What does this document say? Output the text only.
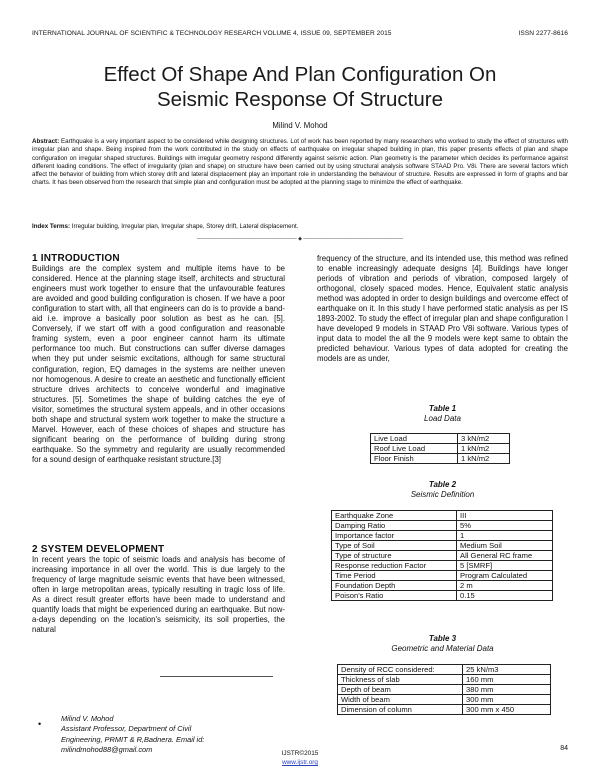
INTERNATIONAL JOURNAL OF SCIENTIFIC & TECHNOLOGY RESEARCH VOLUME 4, ISSUE 09, SEPTEMBER 2015	ISSN 2277-8616
Effect Of Shape And Plan Configuration On
Seismic Response Of Structure
Milind V. Mohod
Abstract: Earthquake is a very important aspect to be considered while designing structures. Lot of work has been reported by many researchers who worked to study the effect of structures with irregular plan and shape. Being inspired from the work contributed in the study on effects of earthquake on irregular shaped building in plan, this paper presents effects of plan and shape configuration on irregular shaped structures. Buildings with irregular geometry respond differently against seismic action. Plan geometry is the parameter which decides its performance against different loading conditions. The effect of irregularity (plan and shape) on structure have been carried out by using structural analysis software STAAD Pro. V8i. There are several factors which affect the behavior of building from which storey drift and lateral displacement play an important role in understanding the behaviour of structure. Results are expressed in form of graphs and bar charts. It has been observed from the research that simple plan and configuration must be adopted at the planning stage to minimize the effect of earthquake.
Index Terms: Irregular building, Irregular plan, Irregular shape, Storey drift, Lateral displacement.
———————————————————— ◆ ————————————————————
1 INTRODUCTION

Buildings are the complex system and multiple items have to be considered. Hence at the planning stage itself, architects and structural engineers must work together to ensure that the unfavourable features are avoided and good building configuration is chosen. If we have a poor configuration to start with, all that engineers can do is to provide a band-aid i.e. improve a basically poor solution as best as he can. [5]. Conversely, if we start off with a good configuration and reasonable framing system, even a poor engineer cannot harm its ultimate performance too much. But constructions can suffer diverse damages when they put under seismic excitations, although for same structural configuration, region, EQ damages in the systems are neither uneven nor homogenous. A desire to create an aesthetic and functionally efficient structure drives architects to conceive wonderful and imaginative structures. [5]. Sometimes the shape of building catches the eye of visitor, sometimes the structural system appeals, and in other occasions both shape and structural system work together to make the structure a Marvel. However, each of these choices of shapes and structure has significant bearing on the performance of building during strong earthquake. So the symmetry and regularity are usually recommended for a sound design of earthquake resistant structure.[3]

2 SYSTEM DEVELOPMENT

In recent years the topic of seismic loads and analysis has become of increasing importance in all over the world. This is due largely to the frequency of large magnitude seismic events that have been witnessed, often in large metropolitan areas, typically resulting in tragic loss of life. As a direct result greater efforts have been made to understand and quantify loads that might be experienced during an earthquake. But now-a-days depending on the location's seismicity, its soil properties, the natural

•
Milind V. Mohod
Assistant Professor, Department of Civil
Engineering, PRMIT & R,Badnera. Email id:
milindmohod88@gmail.com

frequency of the structure, and its intended use, this method was refined to enable increasingly adequate designs [4]. Buildings have longer periods of vibration and periods of vibration, composed largely of orthogonal, closely spaced modes. Hence, Equivalent static analysis method was adopted in order to design buildings and overcome effect of earthquake on it. In this study I have performed static analysis as per IS 1893-2002. To study the effect of irregular plan and shape configuration I have developed 9 models in STAAD Pro V8i software. Various types of input data to model the all the 9 models were kept same to obtain the predicted behaviour. Various types of data adopted for creating the models are as under,

Table 1
Load Data
Live Load	3 kN/m2
Roof Live Load	1 kN/m2
Floor Finish	1 kN/m2
Table 2
Seismic Definition
Earthquake Zone	III
Damping Ratio	5%
Importance factor	1
Type of Soil	Medium Soil
Type of structure	All General RC frame
Response reduction Factor	5 [SMRF]
Time Period	Program Calculated
Foundation Depth	2 m
Poison's Ratio	0.15
Table 3
Geometric and Material Data
Density of RCC considered:	25 kN/m3
Thickness of slab	160 mm
Depth of beam	380 mm
Width of beam	300 mm
Dimension of column	300 mm x 450
84
IJSTR©2015
www.ijstr.org
